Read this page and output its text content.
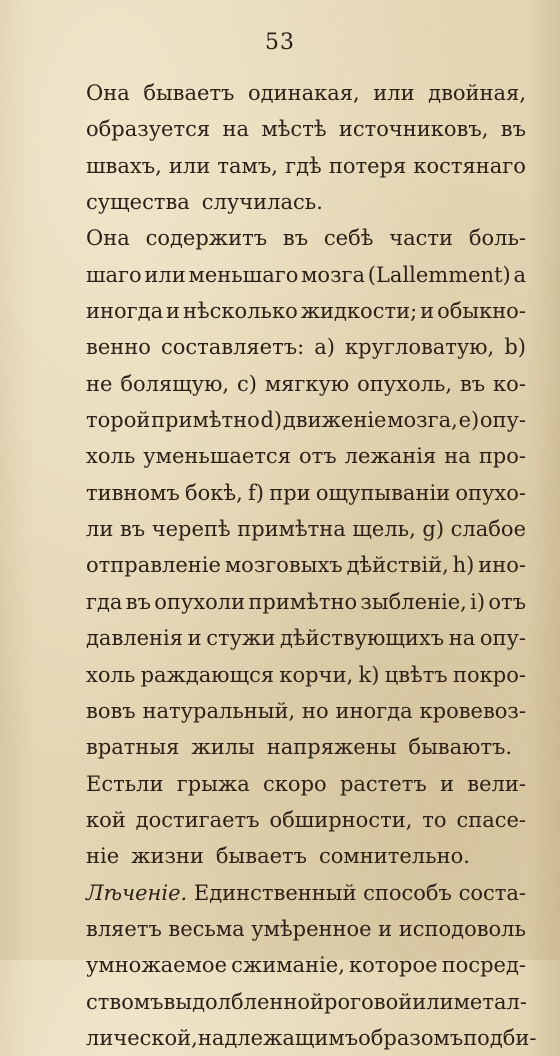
53
Она бываетъ одинакая, или двойная,
образуется на мѣстѣ источниковъ, въ
швахъ, или тамъ, гдѣ потеря костянаго
существа случилась.
Она содержитъ въ себѣ части боль-
шаго или меньшаго мозга (Lallemment) а
иногда и нѣсколько жидкости; и обыкно-
венно составляетъ: a) кругловатую, b)
не болящую, c) мягкую опухоль, въ ко-
торой примѣтно d) движеніе мозга, e) опу-
холь уменьшается отъ лежанія на про-
тивномъ бокѣ, f) при ощупываніи опухо-
ли въ черепѣ примѣтна щель, g) слабое
отправленіе мозговыхъ дѣйствій, h) ино-
гда въ опухоли примѣтно зыбленіе, i) отъ
давленія и стужи дѣйствующихъ на опу-
холь раждающся корчи, k) цвѣтъ покро-
вовъ натуральный, но иногда кровевоз-
вратныя жилы напряжены бываютъ.
Естьли грыжа скоро растетъ и вели-
кой достигаетъ обширности, то спасе-
ніе жизни бываетъ сомнительно.
Лѣченіе. Единственный способъ соста-
вляетъ весьма умѣренное и исподоволь
умножаемое сжиманіе, которое посред-
ствомъ выдолбленной роговой или метал-
лической, надлежащимъ образомъ подби-
